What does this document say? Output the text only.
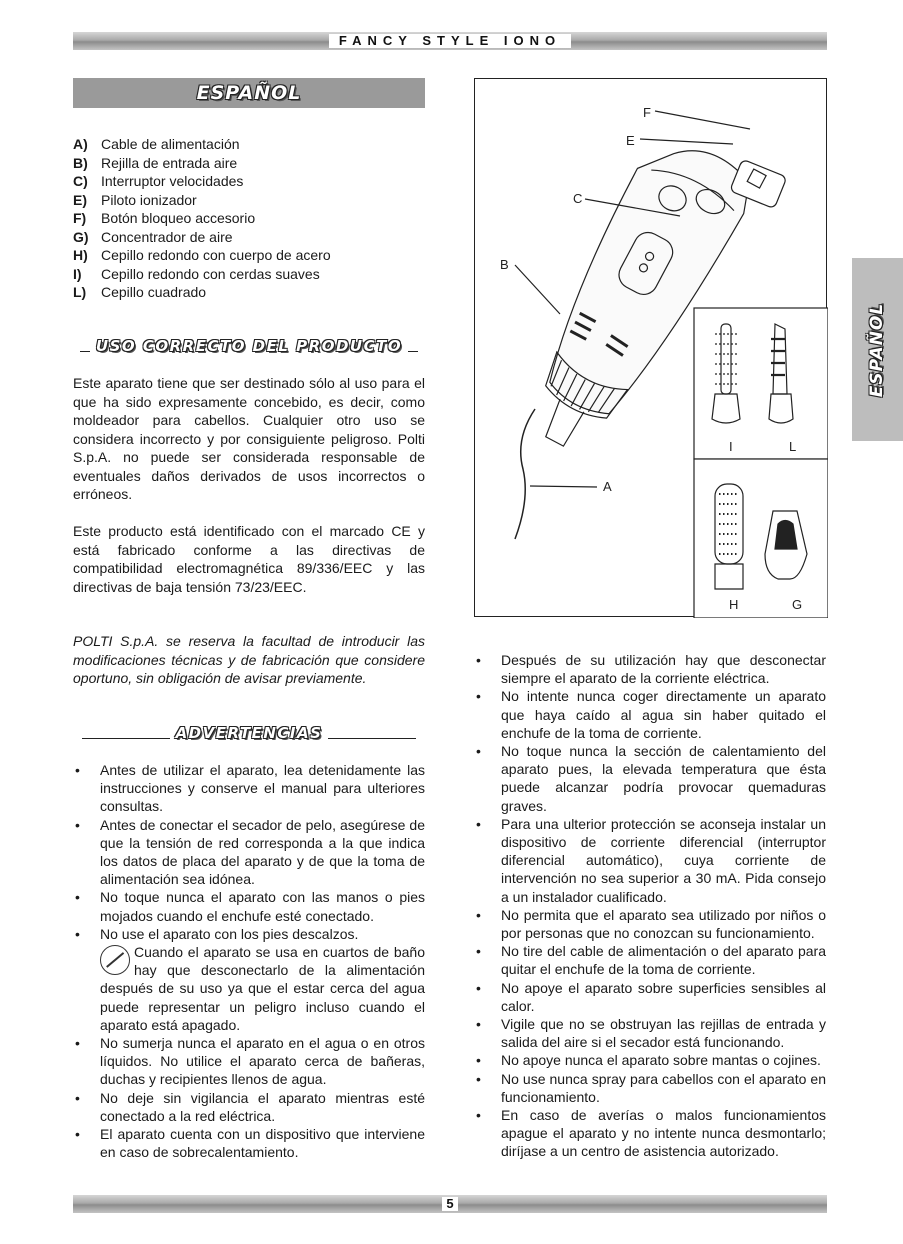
FANCY STYLE IONO
ESPAÑOL
A) Cable de alimentación
B) Rejilla de entrada aire
C) Interruptor velocidades
E)	Piloto ionizador
F)	Botón bloqueo accesorio
G) Concentrador de aire
H) Cepillo redondo con cuerpo de acero
I)	Cepillo redondo con cerdas suaves
L)	Cepillo cuadrado
USO CORRECTO DEL PRODUCTO

Este aparato tiene que ser destinado sólo al uso para el que ha sido expresamente concebido, es decir, como moldeador para cabellos. Cualquier otro uso se considera incorrecto y por consiguiente peligroso. Polti S.p.A. no puede ser considerada responsable de eventuales daños derivados de usos incorrectos o erróneos.

Este producto está identificado con el marcado CE y está fabricado conforme a las directivas de compatibilidad electromagnética 89/336/EEC y las directivas de baja tensión 73/23/EEC.

POLTI S.p.A. se reserva la facultad de introducir las modificaciones técnicas y de fabricación que considere oportuno, sin obligación de avisar previamente.

ADVERTENCIAS
• Antes de utilizar el aparato, lea detenidamente las instrucciones y conserve el manual para ulteriores consultas.
• Antes de conectar el secador de pelo, asegúrese de que la tensión de red corresponda a la que indica los datos de placa del aparato y de que la toma de alimentación sea idónea.
• No toque nunca el aparato con las manos o pies mojados cuando el enchufe esté conectado.
• No use el aparato con los pies descalzos.
Cuando el aparato se usa en cuartos de baño hay que desconectarlo de la alimentación después de su uso ya que el estar cerca del agua puede representar un peligro incluso cuando el aparato está apagado.
• No sumerja nunca el aparato en el agua o en otros líquidos. No utilice el aparato cerca de bañeras, duchas y recipientes llenos de agua.
• No deje sin vigilancia el aparato mientras esté conectado a la red eléctrica.
• El aparato cuenta con un dispositivo que interviene en caso de sobrecalentamiento.
• Después de su utilización hay que desconectar siempre el aparato de la corriente eléctrica.
• No intente nunca coger directamente un aparato que haya caído al agua sin haber quitado el enchufe de la toma de corriente.
• No toque nunca la sección de calentamiento del aparato pues, la elevada temperatura que ésta puede alcanzar podría provocar quemaduras graves.
• Para una ulterior protección se aconseja instalar un dispositivo de corriente diferencial (interruptor diferencial automático), cuya corriente de intervención no sea superior a 30 mA. Pida consejo a un instalador cualificado.
• No permita que el aparato sea utilizado por niños o por personas que no conozcan su funcionamiento.
• No tire del cable de alimentación o del aparato para quitar el enchufe de la toma de corriente.
• No apoye el aparato sobre superficies sensibles al calor.
• Vigile que no se obstruyan las rejillas de entrada y salida del aire si el secador está funcionando.
• No apoye nunca el aparato sobre mantas o cojines.
• No use nunca spray para cabellos con el aparato en funcionamiento.
• En caso de averías o malos funcionamientos apague el aparato y no intente nunca desmontarlo; diríjase a un centro de asistencia autorizado.
F
E
C
B
A
I	L
H	G
ESPAÑOL
5
